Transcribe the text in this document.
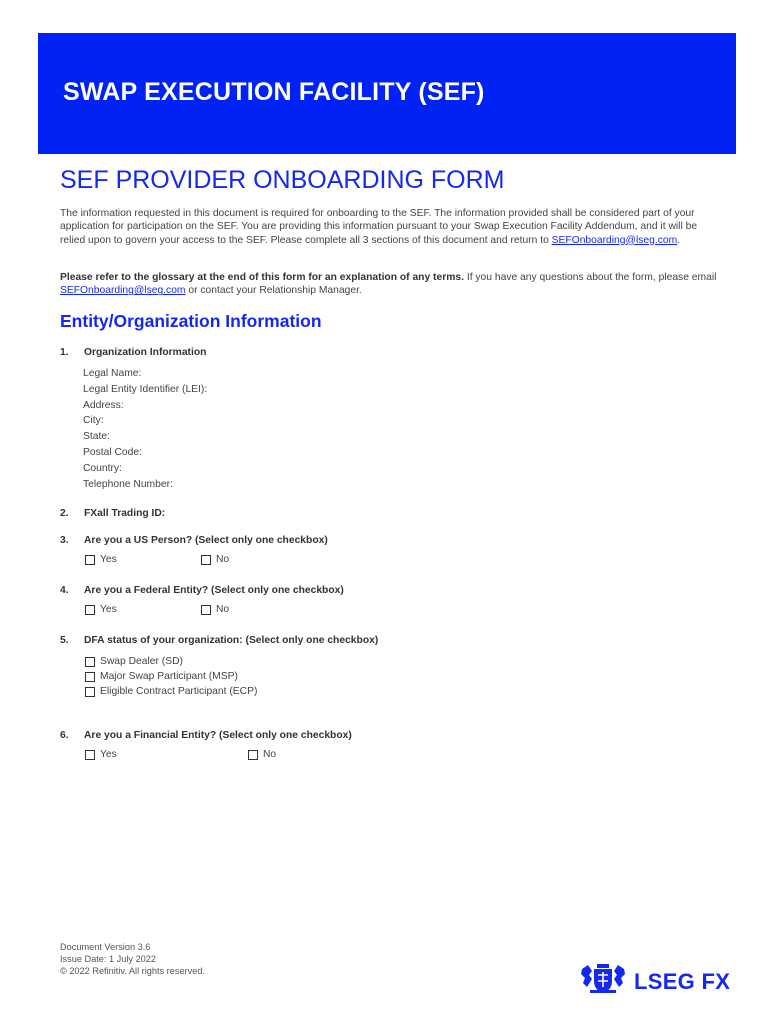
SWAP EXECUTION FACILITY (SEF)
SEF PROVIDER ONBOARDING FORM

The information requested in this document is required for onboarding to the SEF. The information provided shall be considered part of your application for participation on the SEF. You are providing this information pursuant to your Swap Execution Facility Addendum, and it will be relied upon to govern your access to the SEF. Please complete all 3 sections of this document and return to SEFOnboarding@lseg.com.

Please refer to the glossary at the end of this form for an explanation of any terms. If you have any questions about the form, please email SEFOnboarding@lseg.com or contact your Relationship Manager.

Entity/Organization Information
1. Organization Information
Legal Name:
Legal Entity Identifier (LEI):
Address:
City:
State:
Postal Code:
Country:
Telephone Number:
2. FXall Trading ID:
3. Are you a US Person? (Select only one checkbox)
Yes	No
4. Are you a Federal Entity? (Select only one checkbox)
Yes	No
5. DFA status of your organization: (Select only one checkbox)
Swap Dealer (SD)
Major Swap Participant (MSP)
Eligible Contract Participant (ECP)
6. Are you a Financial Entity? (Select only one checkbox)
Yes	No
Document Version 3.6
Issue Date: 1 July 2022
© 2022 Refinitiv. All rights reserved.	LSEG FX
